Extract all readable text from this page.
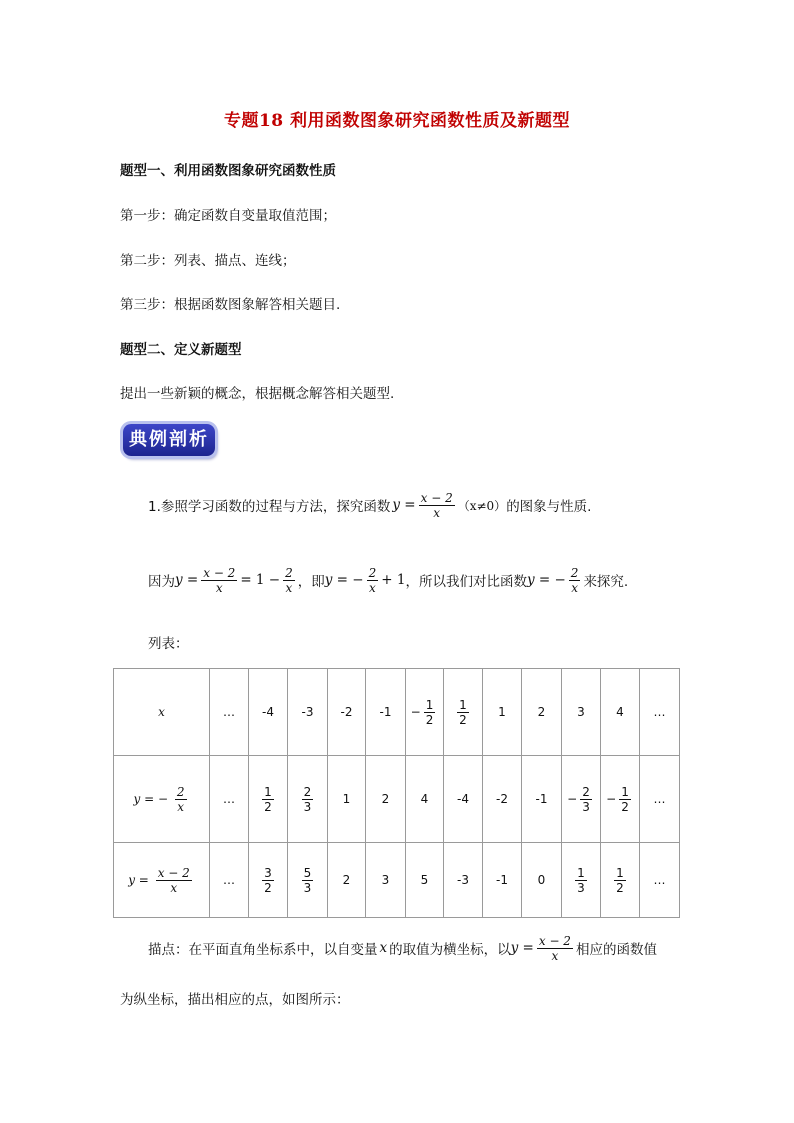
专题18 利用函数图象研究函数性质及新题型
题型一、利用函数图象研究函数性质
第一步：确定函数自变量取值范围；
第二步：列表、描点、连线；
第三步：根据函数图象解答相关题目.
题型二、定义新题型
提出一些新颖的概念，根据概念解答相关题型.
典例剖析
1.参照学习函数的过程与方法，探究函数 $y = \frac{x - 2}{x} (x\ne 0)$ 的图象与性质.
因为 $y = \frac{x - 2}{x} = 1 - \frac{2}{x}$ ，即 y = − $\frac{2}{x} + 1$ ，所以我们对比函数 y = − $\frac{2}{x}$ 来探究.
列表：
x	…	-4	-3	-2	-1	− $\frac{1}{2}$	$\frac{1}{2}$	1	2	3	4	…
y = − $\frac{2}{x}$	…	$\frac{1}{2}$	$\frac{2}{3}$	1	2	4	-4	-2	-1	− $\frac{2}{3}$	− $\frac{1}{2}$	…
$y = \frac{x - 2}{x}$	…	$\frac{3}{2}$	$\frac{5}{3}$	2	3	5	-3	-1	0	$\frac{1}{3}$	$\frac{1}{2}$	…
描点：在平面直角坐标系中，以自变量 x 的取值为横坐标，以 $y = \frac{x - 2}{x}$ 相应的函数值
为纵坐标，描出相应的点，如图所示：
